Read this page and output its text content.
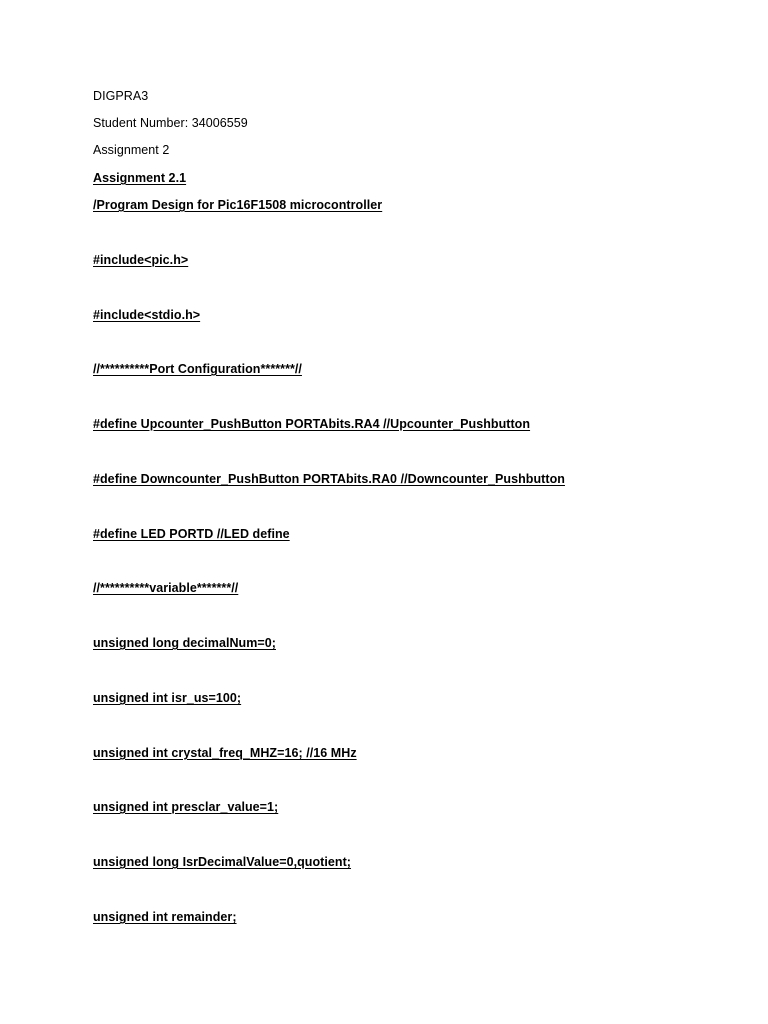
DIGPRA3
Student Number: 34006559
Assignment 2
Assignment 2.1
/Program Design for Pic16F1508 microcontroller
#include<pic.h>
#include<stdio.h>
//**********Port Configuration*******//
#define Upcounter_PushButton PORTAbits.RA4 //Upcounter_Pushbutton
#define Downcounter_PushButton PORTAbits.RA0 //Downcounter_Pushbutton
#define LED PORTD //LED define
//**********variable*******//
unsigned long decimalNum=0;
unsigned int isr_us=100;
unsigned int crystal_freq_MHZ=16; //16 MHz
unsigned int presclar_value=1;
unsigned long IsrDecimalValue=0,quotient;
unsigned int remainder;
